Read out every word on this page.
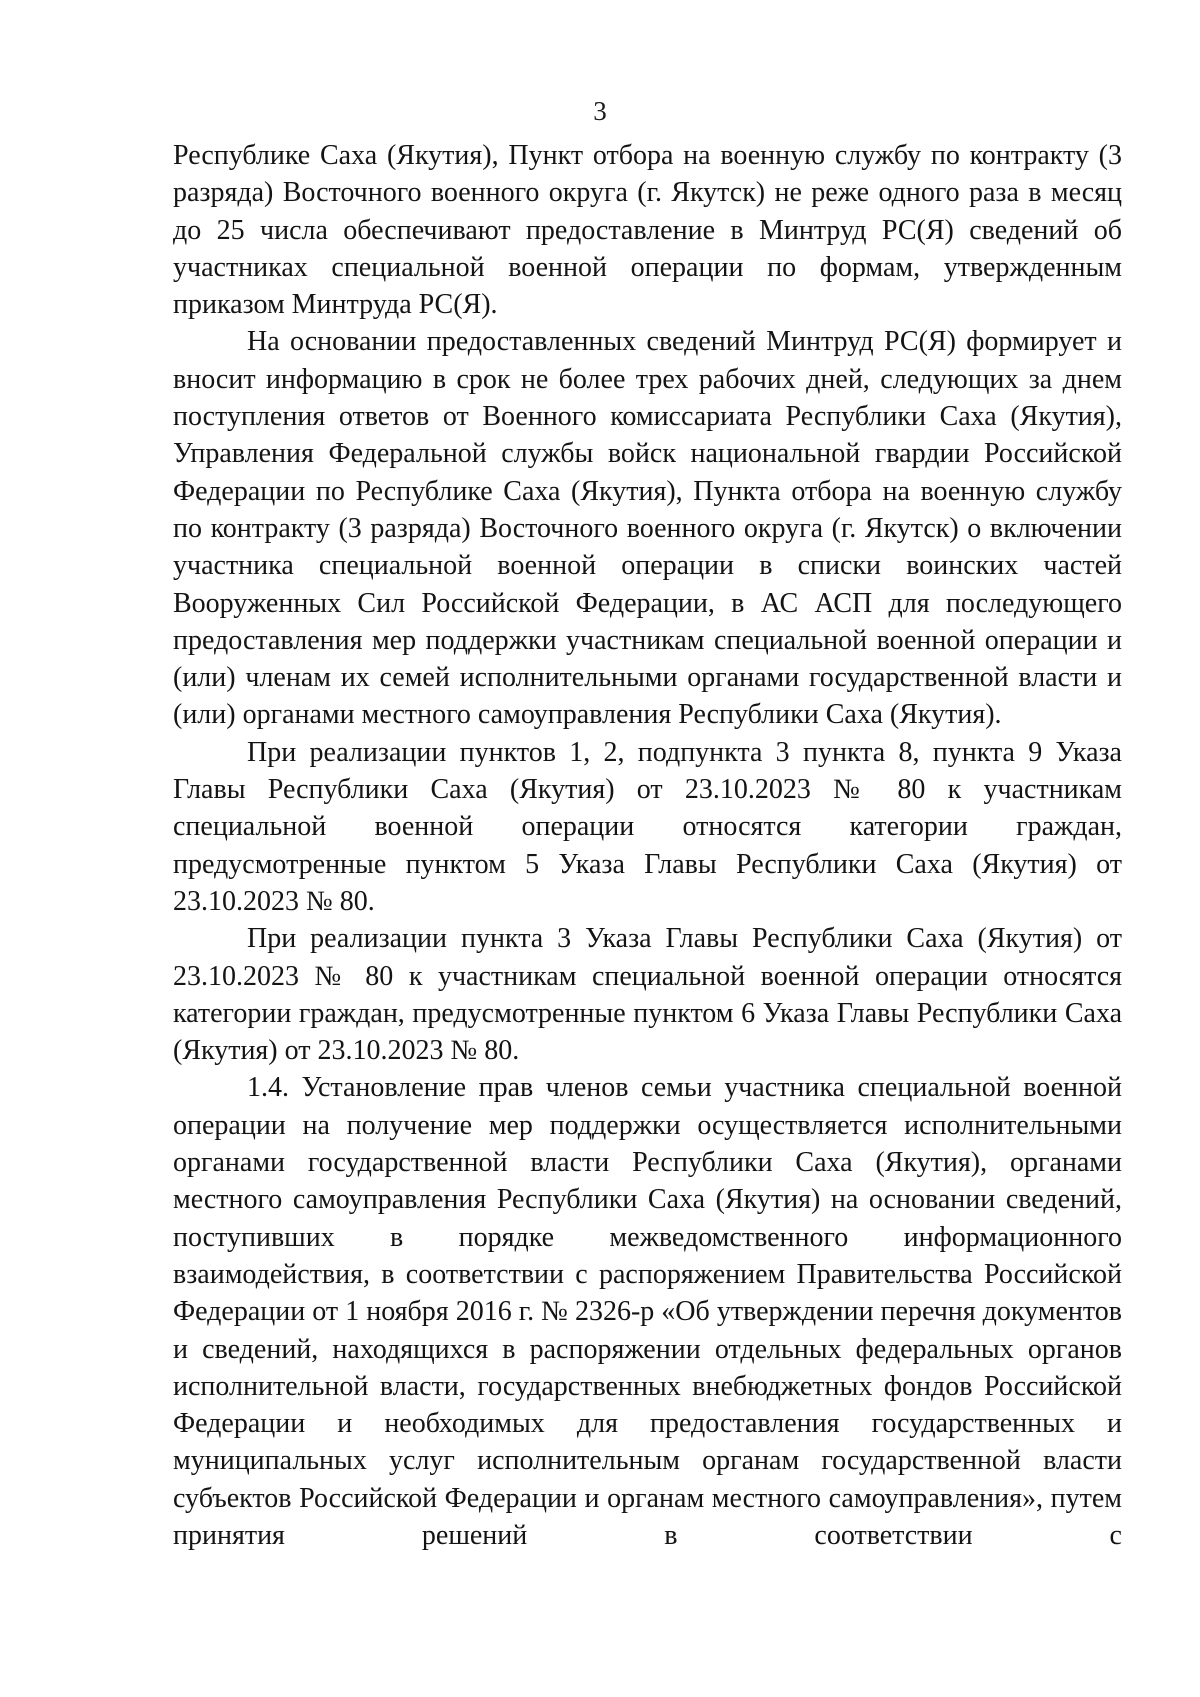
3

Республике Саха (Якутия), Пункт отбора на военную службу по контракту (3 разряда) Восточного военного округа (г. Якутск) не реже одного раза в месяц до 25 числа обеспечивают предоставление в Минтруд РС(Я) сведений об участниках специальной военной операции по формам, утвержденным приказом Минтруда РС(Я).

На основании предоставленных сведений Минтруд РС(Я) формирует и вносит информацию в срок не более трех рабочих дней, следующих за днем поступления ответов от Военного комиссариата Республики Саха (Якутия), Управления Федеральной службы войск национальной гвардии Российской Федерации по Республике Саха (Якутия), Пункта отбора на военную службу по контракту (3 разряда) Восточного военного округа (г. Якутск) о включении участника специальной военной операции в списки воинских частей Вооруженных Сил Российской Федерации, в АС АСП для последующего предоставления мер поддержки участникам специальной военной операции и (или) членам их семей исполнительными органами государственной власти и (или) органами местного самоуправления Республики Саха (Якутия).

При реализации пунктов 1, 2, подпункта 3 пункта 8, пункта 9 Указа Главы Республики Саха (Якутия) от 23.10.2023 № 80 к участникам специальной военной операции относятся категории граждан, предусмотренные пунктом 5 Указа Главы Республики Саха (Якутия) от 23.10.2023 № 80.

При реализации пункта 3 Указа Главы Республики Саха (Якутия) от 23.10.2023 № 80 к участникам специальной военной операции относятся категории граждан, предусмотренные пунктом 6 Указа Главы Республики Саха (Якутия) от 23.10.2023 № 80.

1.4. Установление прав членов семьи участника специальной военной операции на получение мер поддержки осуществляется исполнительными органами государственной власти Республики Саха (Якутия), органами местного самоуправления Республики Саха (Якутия) на основании сведений, поступивших в порядке межведомственного информационного взаимодействия, в соответствии с распоряжением Правительства Российской Федерации от 1 ноября 2016 г. № 2326-р «Об утверждении перечня документов и сведений, находящихся в распоряжении отдельных федеральных органов исполнительной власти, государственных внебюджетных фондов Российской Федерации и необходимых для предоставления государственных и муниципальных услуг исполнительным органам государственной власти субъектов Российской Федерации и органам местного самоуправления», путем принятия решений в соответствии с
